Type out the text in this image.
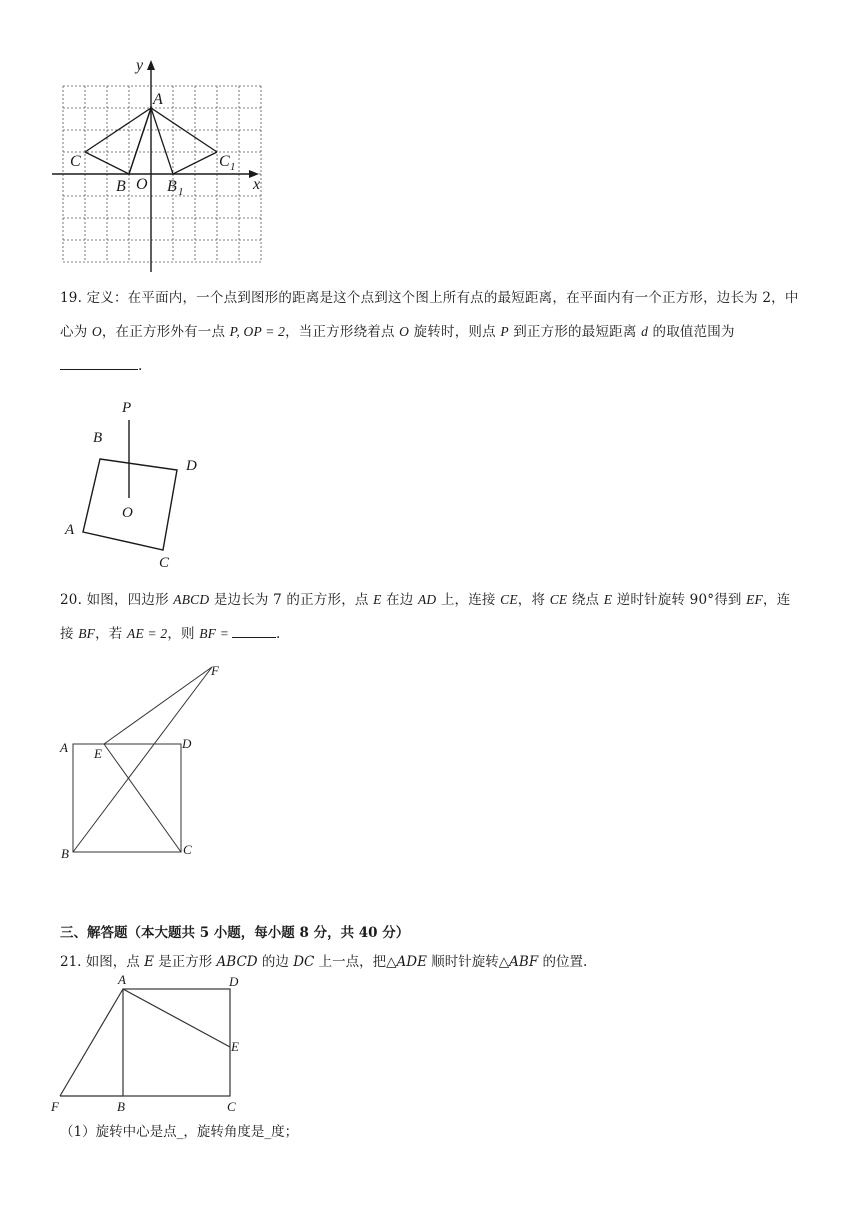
y
x
A
C	C 1
B O B 1
19. 定义：在平面内，一个点到图形的距离是这个点到这个图上所有点的最短距离，在平面内有一个正方形，边长为 2，中心为 O，在正方形外有一点 P, OP = 2，当正方形绕着点 O 旋转时，则点 P 到正方形的最短距离 d 的取值范围为.
P
B
D
O
A
C
20. 如图，四边形 ABCD 是边长为 7 的正方形，点 E 在边 AD 上，连接 CE，将 CE 绕点 E 逆时针旋转 90°得到 EF，连接 BF，若 AE = 2，则 BF =	.
F
A E
D
B	C
三、解答题（本大题共 5 小题，每小题 8 分，共 40 分）
21. 如图，点 E 是正方形 ABCD 的边 DC 上一点，把△ADE 顺时针旋转△ABF 的位置.
A	D
E
F	B	C
（1）旋转中心是点_，旋转角度是_度；
